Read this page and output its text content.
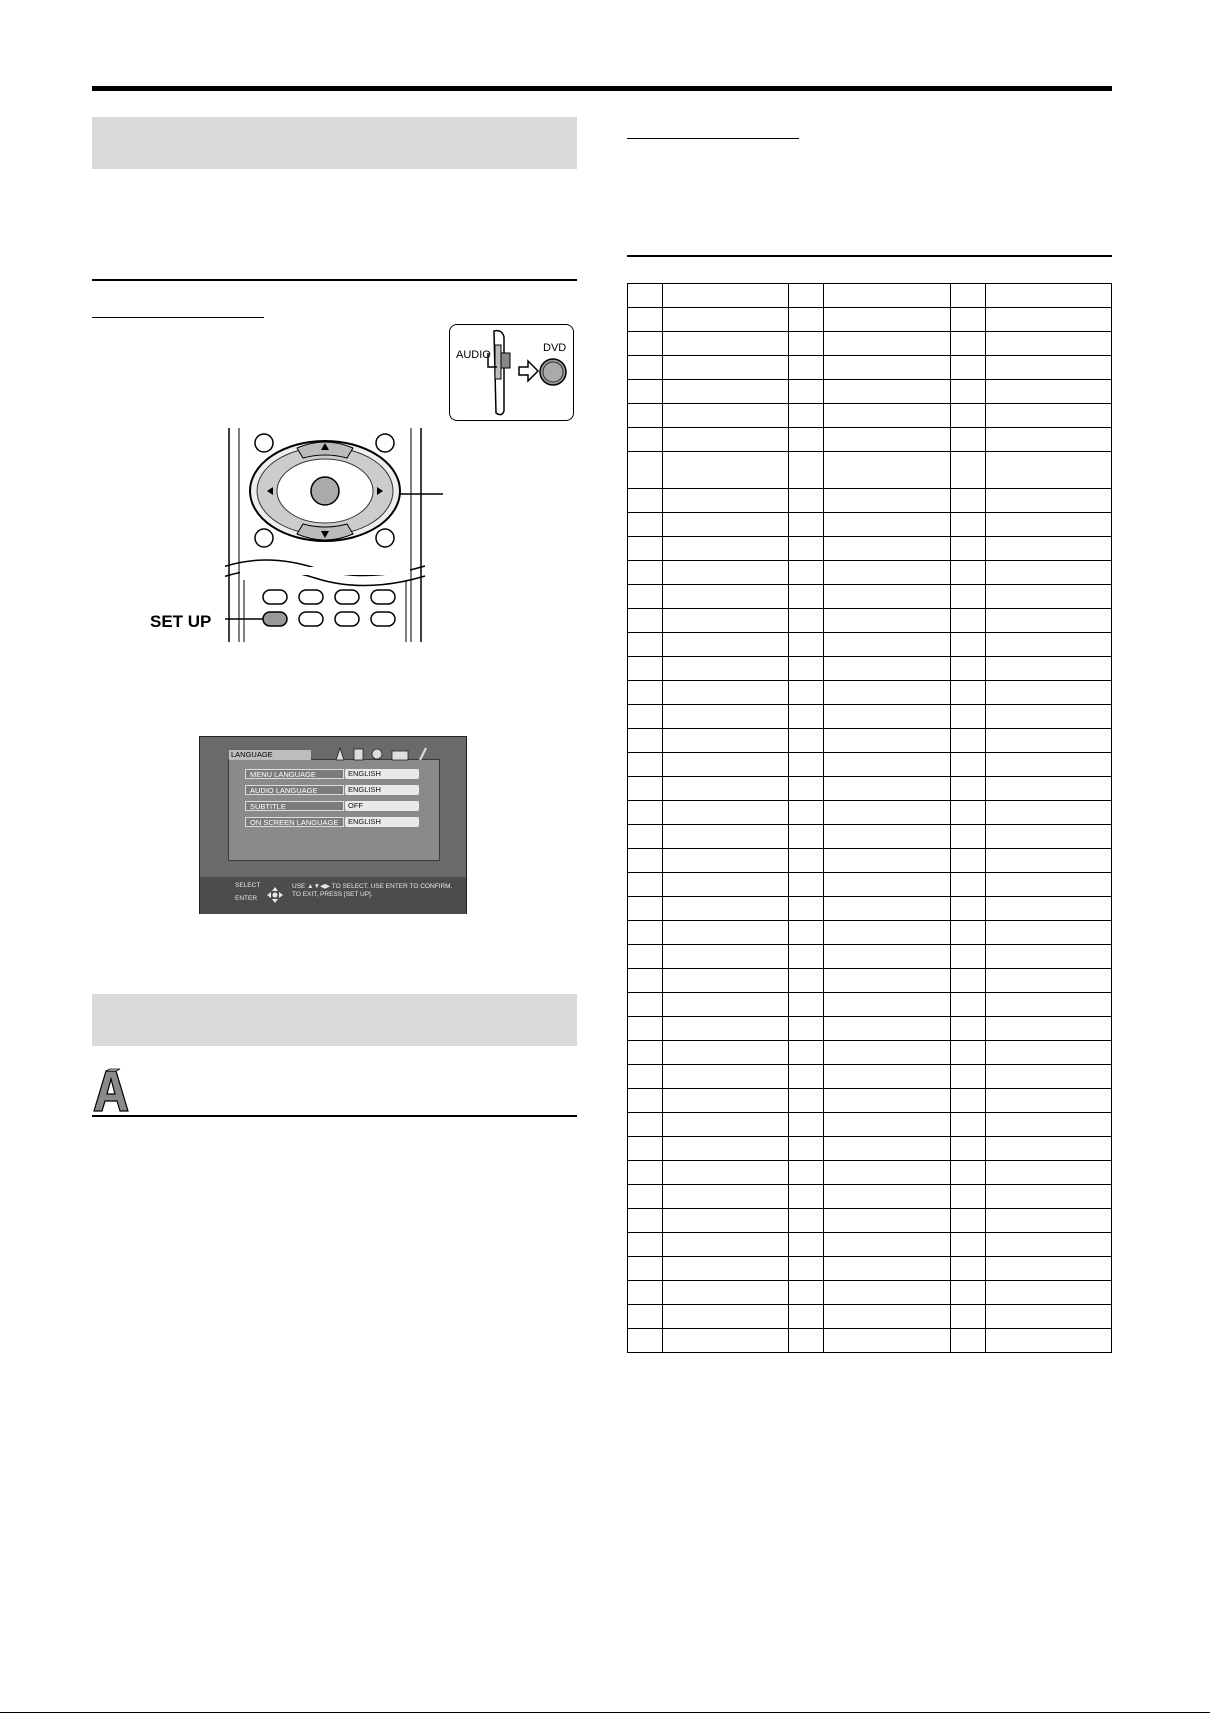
AUDIO
DVD
SET UP
LANGUAGE
MENU LANGUAGE	ENGLISH
AUDIO LANGUAGE	ENGLISH
SUBTITLE	OFF
ON SCREEN LANGUAGE	ENGLISH
SELECT
ENTER
USE ▲▼◀▶ TO SELECT. USE ENTER TO CONFIRM.
TO EXIT, PRESS [SET UP].
